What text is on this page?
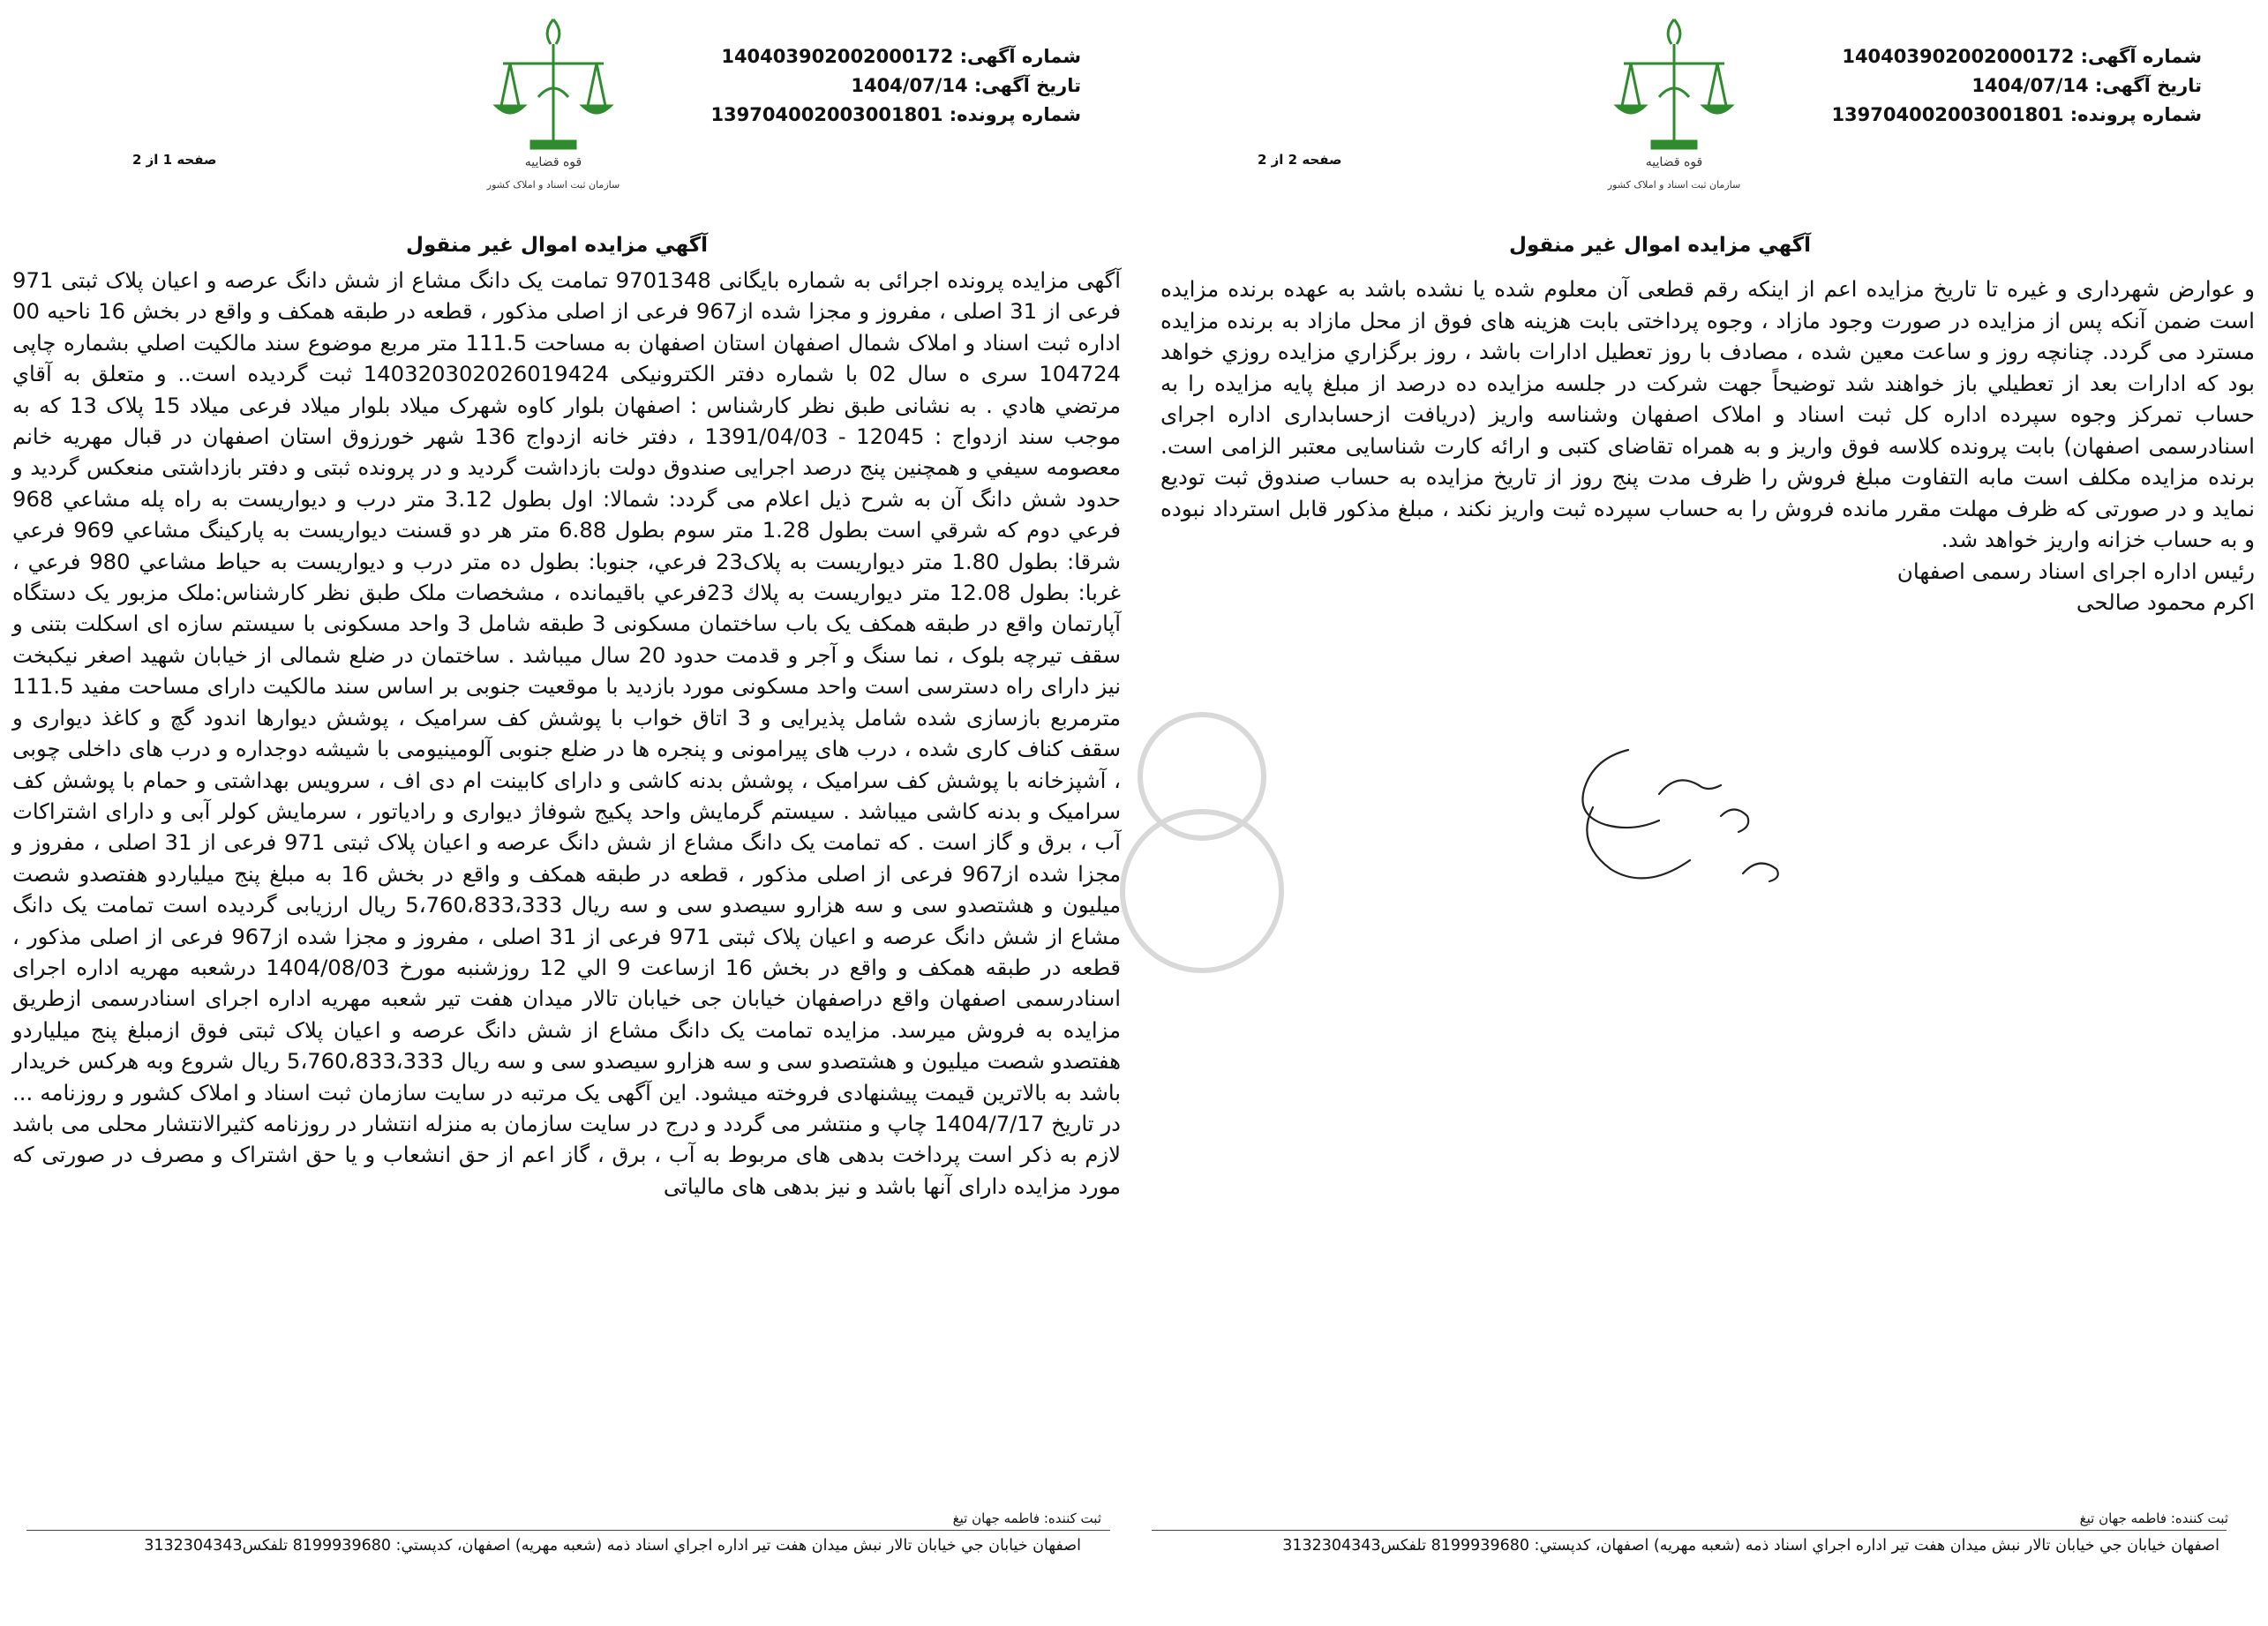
شماره آگهی: 140403902002000172
تاریخ آگهی: 1404/07/14
شماره پرونده: 139704002003001801
قوه قضاییه
سازمان ثبت اسناد و املاک کشور
صفحه 1 از 2
آگهي مزایده اموال غیر منقول

آگهی مزایده پرونده اجرائی به شماره بایگانی 9701348 تمامت یک دانگ مشاع از شش دانگ عرصه و اعیان پلاک ثبتی 971 فرعی از 31 اصلی ، مفروز و مجزا شده از967 فرعی از اصلی مذکور ، قطعه در طبقه همکف و واقع در بخش 16 ناحیه 00 اداره ثبت اسناد و املاک شمال اصفهان استان اصفهان به مساحت 111.5 متر مربع موضوع سند مالکیت اصلي بشماره چاپی 104724 سری ه سال 02 با شماره دفتر الکترونیکی 140320302026019424 ثبت گردیده است.. و متعلق به آقاي مرتضي هادي . به نشانی طبق نظر کارشناس : اصفهان بلوار کاوه شهرک میلاد بلوار میلاد فرعی میلاد 15 پلاک 13 که به موجب سند ازدواج : 12045 - 1391/04/03 ، دفتر خانه ازدواج 136 شهر خورزوق استان اصفهان در قبال مهریه خانم معصومه سیفي و همچنین پنج درصد اجرایی صندوق دولت بازداشت گردید و در پرونده ثبتی و دفتر بازداشتی منعکس گردید و حدود شش دانگ آن به شرح ذیل اعلام می گردد: شمالا: اول بطول 3.12 متر درب و دیواریست به راه پله مشاعي 968 فرعي دوم که شرقي است بطول 1.28 متر سوم بطول 6.88 متر هر دو قسنت دیواریست به پارکینگ مشاعي 969 فرعي شرقا: بطول 1.80 متر دیواریست به پلاک23 فرعي، جنوبا: بطول ده متر درب و دیواریست به حیاط مشاعي 980 فرعي ، غربا: بطول 12.08 متر دیواریست به پلاك 23فرعي باقیمانده ، مشخصات ملک طبق نظر کارشناس:ملک مزبور یک دستگاه آپارتمان واقع در طبقه همکف یک باب ساختمان مسکونی 3 طبقه شامل 3 واحد مسکونی با سیستم سازه ای اسکلت بتنی و سقف تیرچه بلوک ، نما سنگ و آجر و قدمت حدود 20 سال میباشد . ساختمان در ضلع شمالی از خیابان شهید اصغر نیکبخت نیز دارای راه دسترسی است واحد مسکونی مورد بازدید با موقعیت جنوبی بر اساس سند مالکیت دارای مساحت مفید 111.5 مترمربع بازسازی شده شامل پذیرایی و 3 اتاق خواب با پوشش کف سرامیک ، پوشش دیوارها اندود گچ و کاغذ دیواری و سقف کناف کاری شده ، درب های پیرامونی و پنجره ها در ضلع جنوبی آلومینیومی با شیشه دوجداره و درب های داخلی چوبی ، آشپزخانه با پوشش کف سرامیک ، پوشش بدنه کاشی و دارای کابینت ام دی اف ، سرویس بهداشتی و حمام با پوشش کف سرامیک و بدنه کاشی میباشد . سیستم گرمایش واحد پکیج شوفاژ دیواری و رادیاتور ، سرمایش کولر آبی و دارای اشتراکات آب ، برق و گاز است . که تمامت یک دانگ مشاع از شش دانگ عرصه و اعیان پلاک ثبتی 971 فرعی از 31 اصلی ، مفروز و مجزا شده از967 فرعی از اصلی مذکور ، قطعه در طبقه همکف و واقع در بخش 16 به مبلغ پنج میلیاردو هفتصدو شصت میلیون و هشتصدو سی و سه هزارو سیصدو سی و سه ریال 5،760،833،333 ریال ارزیابی گردیده است تمامت یک دانگ مشاع از شش دانگ عرصه و اعیان پلاک ثبتی 971 فرعی از 31 اصلی ، مفروز و مجزا شده از967 فرعی از اصلی مذکور ، قطعه در طبقه همکف و واقع در بخش 16 ازساعت 9 الي 12 روزشنبه مورخ 1404/08/03 درشعبه مهریه اداره اجرای اسنادرسمی اصفهان واقع دراصفهان خیابان جی خیابان تالار میدان هفت تیر شعبه مهریه اداره اجرای اسنادرسمی ازطریق مزایده به فروش میرسد. مزایده تمامت یک دانگ مشاع از شش دانگ عرصه و اعیان پلاک ثبتی فوق ازمبلغ پنج میلیاردو هفتصدو شصت میلیون و هشتصدو سی و سه هزارو سیصدو سی و سه ریال 5،760،833،333 ریال شروع وبه هرکس خریدار باشد به بالاترین قیمت پیشنهادی فروخته میشود. این آگهی یک مرتبه در سایت سازمان ثبت اسناد و املاک کشور و روزنامه ... در تاریخ 1404/7/17 چاپ و منتشر می گردد و درج در سایت سازمان به منزله انتشار در روزنامه کثیرالانتشار محلی می باشد لازم به ذکر است پرداخت بدهی های مربوط به آب ، برق ، گاز اعم از حق انشعاب و یا حق اشتراک و مصرف در صورتی که مورد مزایده دارای آنها باشد و نیز بدهی های مالیاتی

ثبت کننده: فاطمه جهان تیغ
اصفهان خیابان جي خیابان تالار نبش میدان هفت تیر اداره اجراي اسناد ذمه (شعبه مهریه) اصفهان، کدپستي: 8199939680 تلفکس3132304343
شماره آگهی: 140403902002000172
تاریخ آگهی: 1404/07/14
شماره پرونده: 139704002003001801
قوه قضاییه
سازمان ثبت اسناد و املاک کشور
صفحه 2 از 2
آگهي مزایده اموال غیر منقول

و عوارض شهرداری و غیره تا تاریخ مزایده اعم از اینکه رقم قطعی آن معلوم شده یا نشده باشد به عهده برنده مزایده است ضمن آنکه پس از مزایده در صورت وجود مازاد ، وجوه پرداختی بابت هزینه های فوق از محل مازاد به برنده مزایده مسترد می گردد. چنانچه روز و ساعت معین شده ، مصادف با روز تعطیل ادارات باشد ، روز برگزاري مزایده روزي خواهد بود که ادارات بعد از تعطیلي باز خواهند شد توضیحاً جهت شرکت در جلسه مزایده ده درصد از مبلغ پایه مزایده را به حساب تمرکز وجوه سپرده اداره کل ثبت اسناد و املاک اصفهان وشناسه واریز (دریافت ازحسابداری اداره اجرای اسنادرسمی اصفهان) بابت پرونده کلاسه فوق واریز و به همراه تقاضای کتبی و ارائه کارت شناسایی معتبر الزامی است. برنده مزایده مکلف است مابه التفاوت مبلغ فروش را ظرف مدت پنج روز از تاریخ مزایده به حساب صندوق ثبت توديع نماید و در صورتی که ظرف مهلت مقرر مانده فروش را به حساب سپرده ثبت واریز نکند ، مبلغ مذکور قابل استرداد نبوده و به حساب خزانه واریز خواهد شد.

رئیس اداره اجرای اسناد رسمی اصفهان
اکرم محمود صالحی
ثبت کننده: فاطمه جهان تیغ
اصفهان خیابان جي خیابان تالار نبش میدان هفت تیر اداره اجراي اسناد ذمه (شعبه مهریه) اصفهان، کدپستي: 8199939680 تلفکس3132304343
